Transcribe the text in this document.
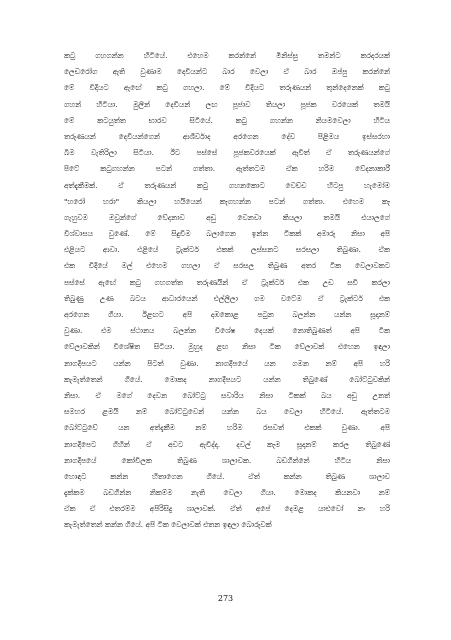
කටු ගහගන්න හිටියේ. එහෙම කරන්නේ මිනිස්සු තමන්ට කරදරයක්
ලෙඩරෝග ඇති වුණාම දෙවියන්ට බාර වෙලා ඒ බාර ඔප්පු කරන්නේ
මේ විදියට ඇඟේ කටු ගහලා. මේ විදියට තරුණයන් තුන්දෙනෙක් කටු
ගහන් හිටියා. මුලින් දෙවියන් ලඟ පූජාව තියලා පූජක වරයෙක් තමයි
මේ කටයුත්ත භාරව සිටියේ. කටු ගහන්න නියමවෙලා හිටිය
තරුණයන් දෙවියන්ගෙන් ආශිර්වාද අරගෙන දේව පිළිමය ඉස්සරහා
බිම වැතිරිලා සිටියා. ඊට පස්සේ පූජකවරයෙක් ඇවිත් ඒ තරුණයන්ගේ
පිටේ කටුගහන්න පටන් ගත්තා. ඇත්තටම ඒක හරිම වේදනාකාරී
අත්දැකීමක්. ඒ තරුණයන් කටු ගහනකොට වෙච්ච හිටපු හැමෝම
"හරෝ හරා" කියලා හයියෙන් කෑගහන්න පටන් ගත්තා. එහෙම කෑ
ගැහුවම ඔවුන්ගේ වේදනාව අඩු වෙනවා කියලා තමයි එයාලගේ
විශ්වාසය වුණේ. මේ සිදුවීම බලාගෙන ඉන්න ටිකක් අමාරු නිසා අපි
එළියට ආවා. එළියේ ට්‍රැක්ටර් එකක් ලස්සනට සරසලා තිබුණා. ඒක
එක විදියේ මල් එහෙම ගහලා ඒ සරසල තිබුණ අතර ටික වෙලාවකට
පස්සේ ඇඟේ කටු ගහගත්ත තරුණයින් ඒ ට්‍රැක්ටර් එක උඩ සවි කරලා
තිබුණු උණ බටය ආධාරයෙන් එල්ලිලා ගම වටේම ඒ ට්‍රැක්ටර් එක
අරගෙන ගියා. ඊළඟට අපි දඹකොළ පටුන බලන්න යන්න සූදානම්
වුණා. එම ස්ථානය බලන්න විශේෂ දෙයක් නොතිබුණත් අපි ටික
වේලාවකින් විශේෂිත සිටියා. මුහුද ළඟ නිසා ටික වේලාවක් එහෙන ඉඳලා
නාගදීපයට යන්න පිටත් වුණා. නාගදීපයේ යන ගමන නම් අපි හරි
කැමැත්තෙන් ගියේ. මොකද නාගදීපයට යන්න තිබුණේ බෝට්ටුවකින්
නිසා. ඒ මගේ දෙවන බෝට්ටු සවාරිය නිසා ටිකක් බය අඩු උනත්
සමහර ළමයි නම් බෝට්ටුවෙන් යන්න බය වෙලා හිටියේ. ඇත්තටම
බෝට්ටුවේ යන අත්දැකීම නම් හරිම රසවත් එකක් වුණා. අපි
නාගදීපෙට ගිහින් ඒ අවට ඇවිද්දා. දවල් කෑම සූදානම් කරල තිබුණේ
නාගදීපයේ කෝවිලක තිබුණ ශාලාවක. බඩගින්නේ හිටිය නිසා
හොඳට කන්න හිතාගෙන ගියේ. ඒත් කන්න තිබුණ ශාලාව
දැක්කම බඩගින්න නිකම්ම නැති වෙලා ගියා. මොකද කියනවා නම්
ඒක ඒ එතරම්ම අපිරිසිදු ශාලාවක්. ඒත් අපේ දෙමළ යාළුවෝ නං හරි
කැමැත්තෙන් කන්න ගියේ. අපි ටික වෙලාවක් එතන ඉඳලා බොරුවක්
273
